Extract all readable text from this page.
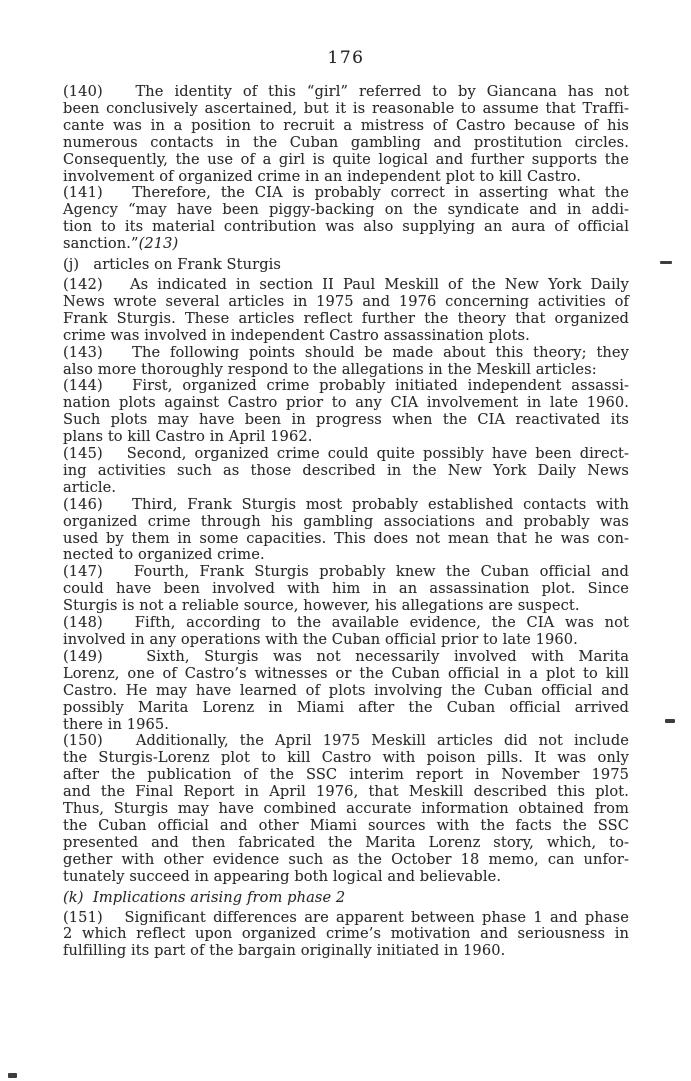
176
(140)   The identity of this “girl” referred to by Giancana has not
been conclusively ascertained, but it is reasonable to assume that Traffi-
cante was in a position to recruit a mistress of Castro because of his
numerous contacts in the Cuban gambling and prostitution circles.
Consequently, the use of a girl is quite logical and further supports the
involvement of organized crime in an independent plot to kill Castro.
(141)   Therefore, the CIA is probably correct in asserting what the
Agency “may have been piggy-backing on the syndicate and in addi-
tion to its material contribution was also supplying an aura of official
sanction.”(213)
(j)   articles on Frank Sturgis
(142)   As indicated in section II Paul Meskill of the New York Daily
News wrote several articles in 1975 and 1976 concerning activities of
Frank Sturgis. These articles reflect further the theory that organized
crime was involved in independent Castro assassination plots.
(143)   The following points should be made about this theory; they
also more thoroughly respond to the allegations in the Meskill articles:
(144)   First, organized crime probably initiated independent assassi-
nation plots against Castro prior to any CIA involvement in late 1960.
Such plots may have been in progress when the CIA reactivated its
plans to kill Castro in April 1962.
(145)   Second, organized crime could quite possibly have been direct-
ing activities such as those described in the New York Daily News
article.
(146)   Third, Frank Sturgis most probably established contacts with
organized crime through his gambling associations and probably was
used by them in some capacities. This does not mean that he was con-
nected to organized crime.
(147)   Fourth, Frank Sturgis probably knew the Cuban official and
could have been involved with him in an assassination plot. Since
Sturgis is not a reliable source, however, his allegations are suspect.
(148)   Fifth, according to the available evidence, the CIA was not
involved in any operations with the Cuban official prior to late 1960.
(149)   Sixth, Sturgis was not necessarily involved with Marita
Lorenz, one of Castro’s witnesses or the Cuban official in a plot to kill
Castro. He may have learned of plots involving the Cuban official and
possibly Marita Lorenz in Miami after the Cuban official arrived
there in 1965.
(150)   Additionally, the April 1975 Meskill articles did not include
the Sturgis-Lorenz plot to kill Castro with poison pills. It was only
after the publication of the SSC interim report in November 1975
and the Final Report in April 1976, that Meskill described this plot.
Thus, Sturgis may have combined accurate information obtained from
the Cuban official and other Miami sources with the facts the SSC
presented and then fabricated the Marita Lorenz story, which, to-
gether with other evidence such as the October 18 memo, can unfor-
tunately succeed in appearing both logical and believable.
(k)  Implications arising from phase 2
(151)   Significant differences are apparent between phase 1 and phase
2 which reflect upon organized crime’s motivation and seriousness in
fulfilling its part of the bargain originally initiated in 1960.
